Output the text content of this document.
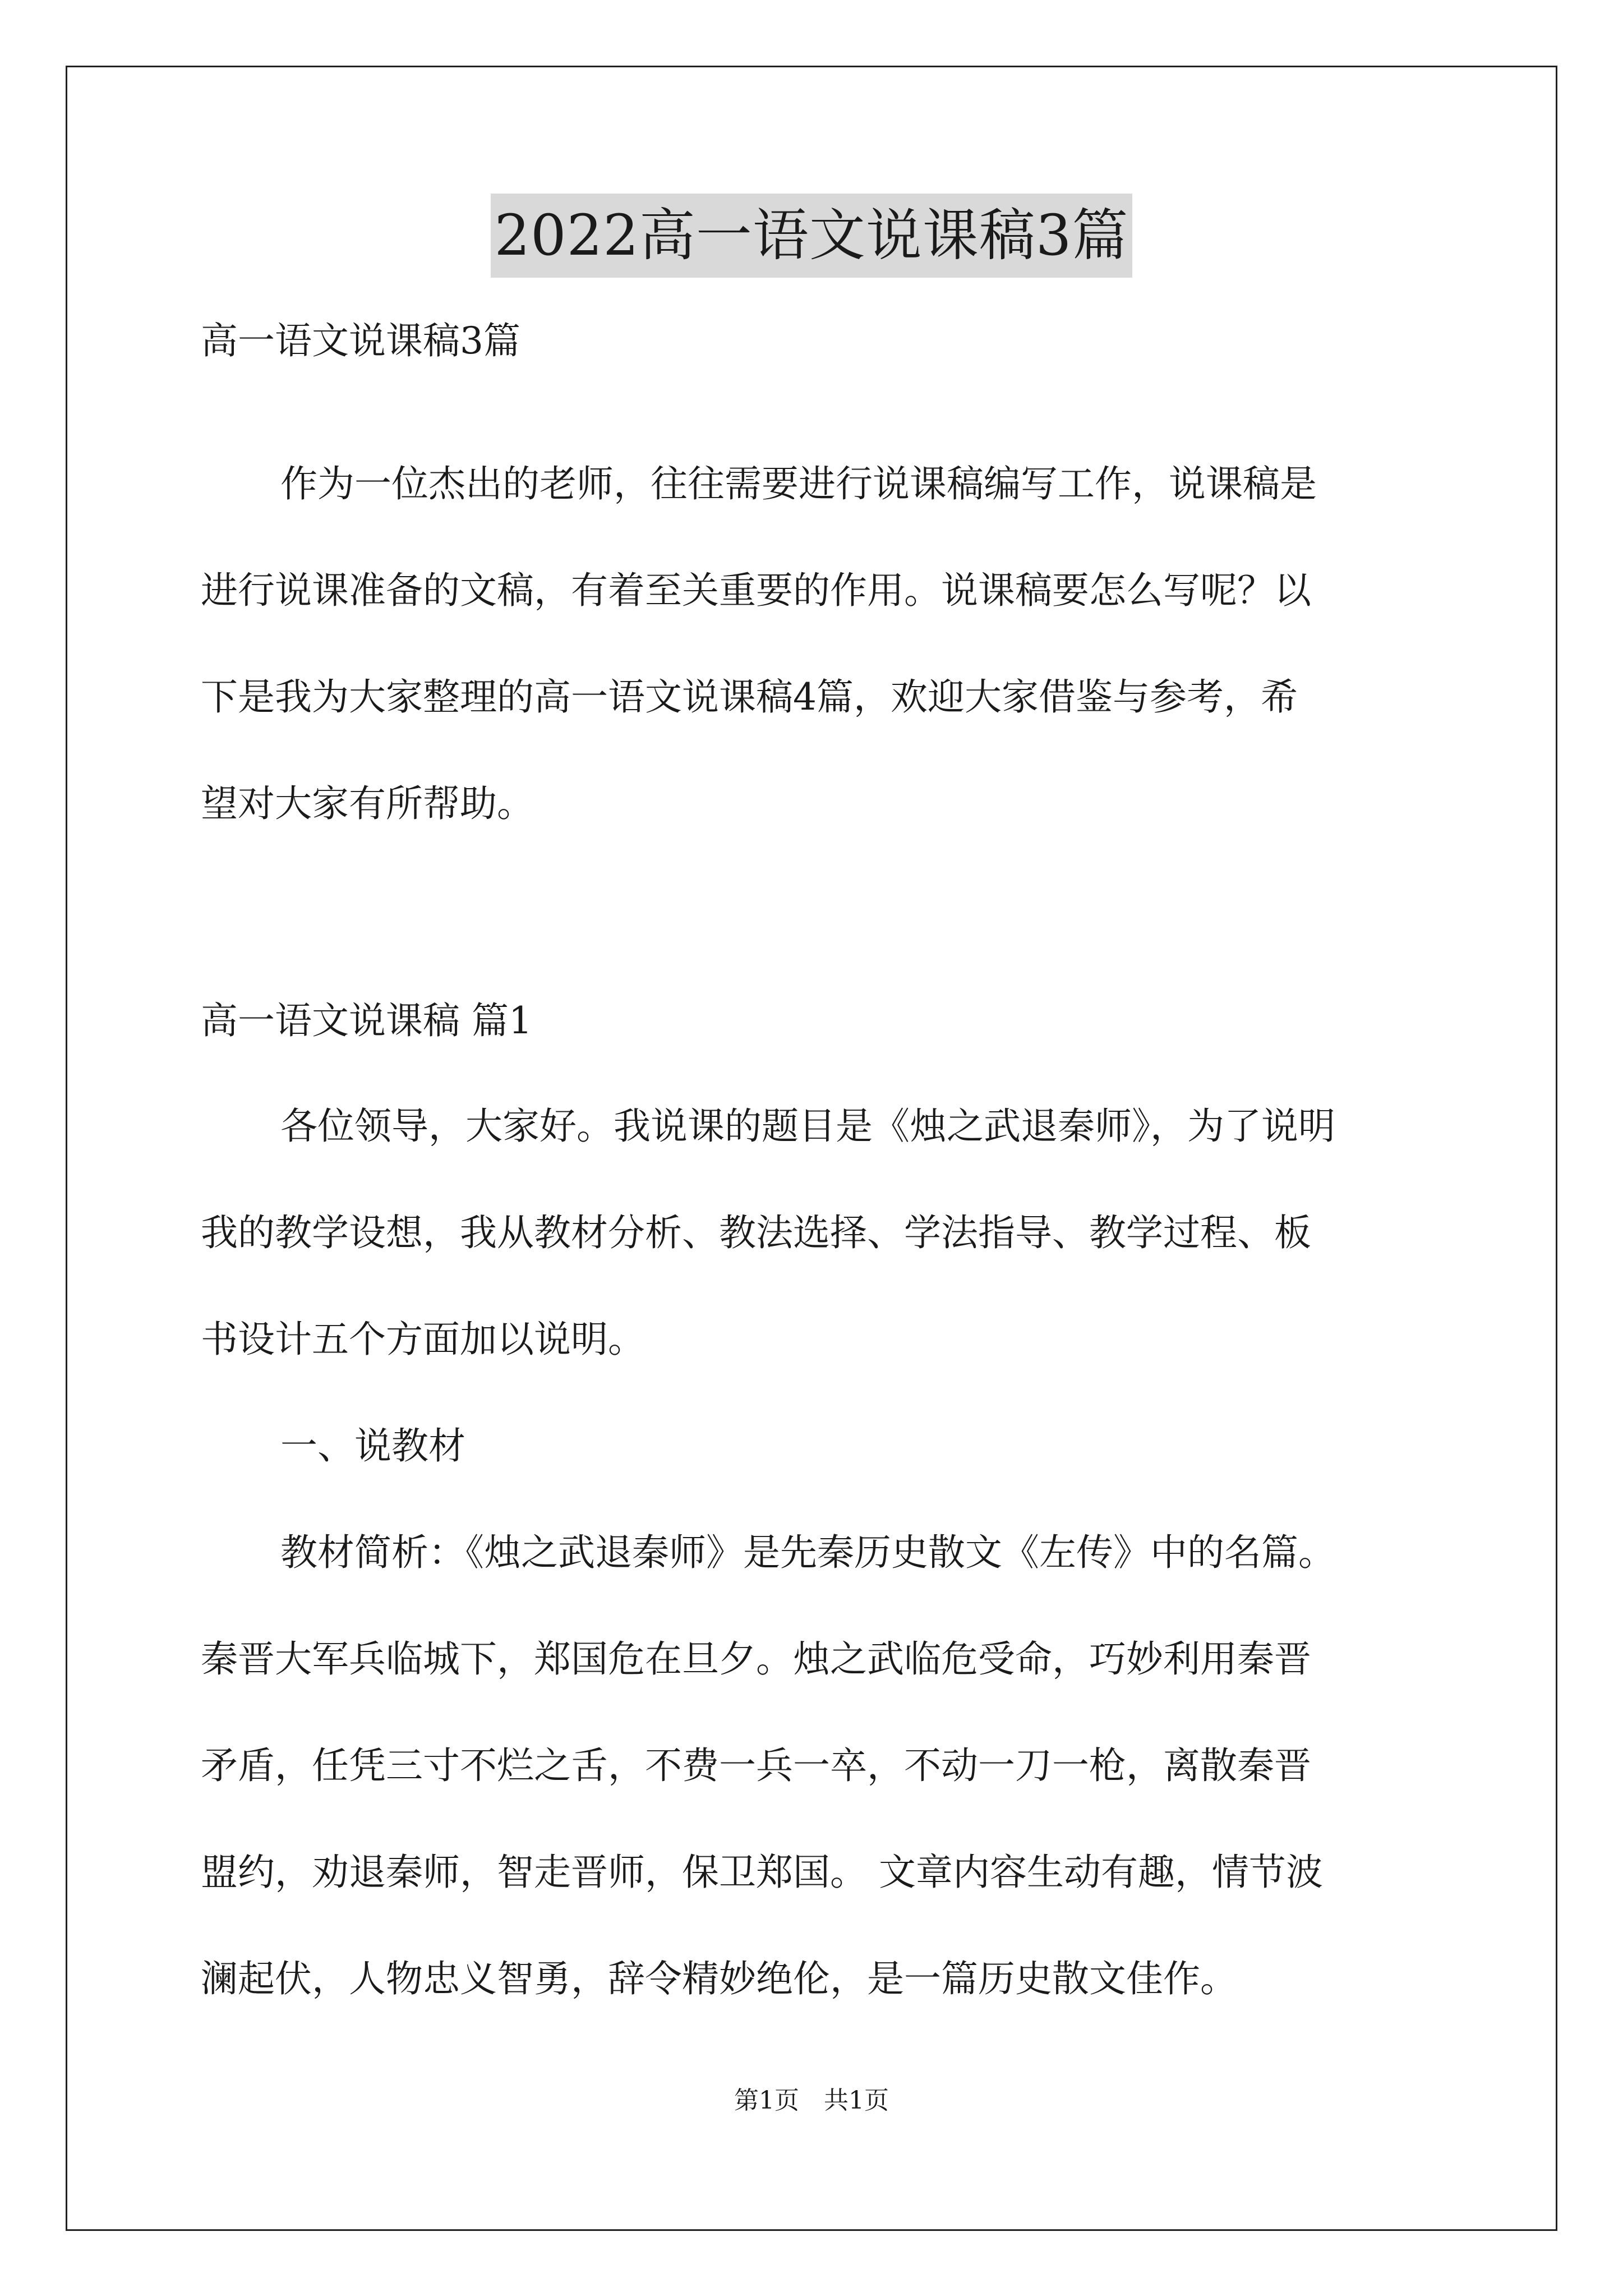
2022高一语文说课稿3篇
高一语文说课稿3篇
作为一位杰出的老师，往往需要进行说课稿编写工作，说课稿是
进行说课准备的文稿，有着至关重要的作用。说课稿要怎么写呢？以
下是我为大家整理的高一语文说课稿4篇，欢迎大家借鉴与参考，希
望对大家有所帮助。
高一语文说课稿 篇1
各位领导，大家好。我说课的题目是《烛之武退秦师》，为了说明
我的教学设想，我从教材分析、教法选择、学法指导、教学过程、板
书设计五个方面加以说明。
一、说教材
教材简析：《烛之武退秦师》是先秦历史散文《左传》中的名篇。
秦晋大军兵临城下，郑国危在旦夕。烛之武临危受命，巧妙利用秦晋
矛盾，任凭三寸不烂之舌，不费一兵一卒，不动一刀一枪，离散秦晋
盟约，劝退秦师，智走晋师，保卫郑国。 文章内容生动有趣，情节波
澜起伏，人物忠义智勇，辞令精妙绝伦，是一篇历史散文佳作。
第1页　共1页
